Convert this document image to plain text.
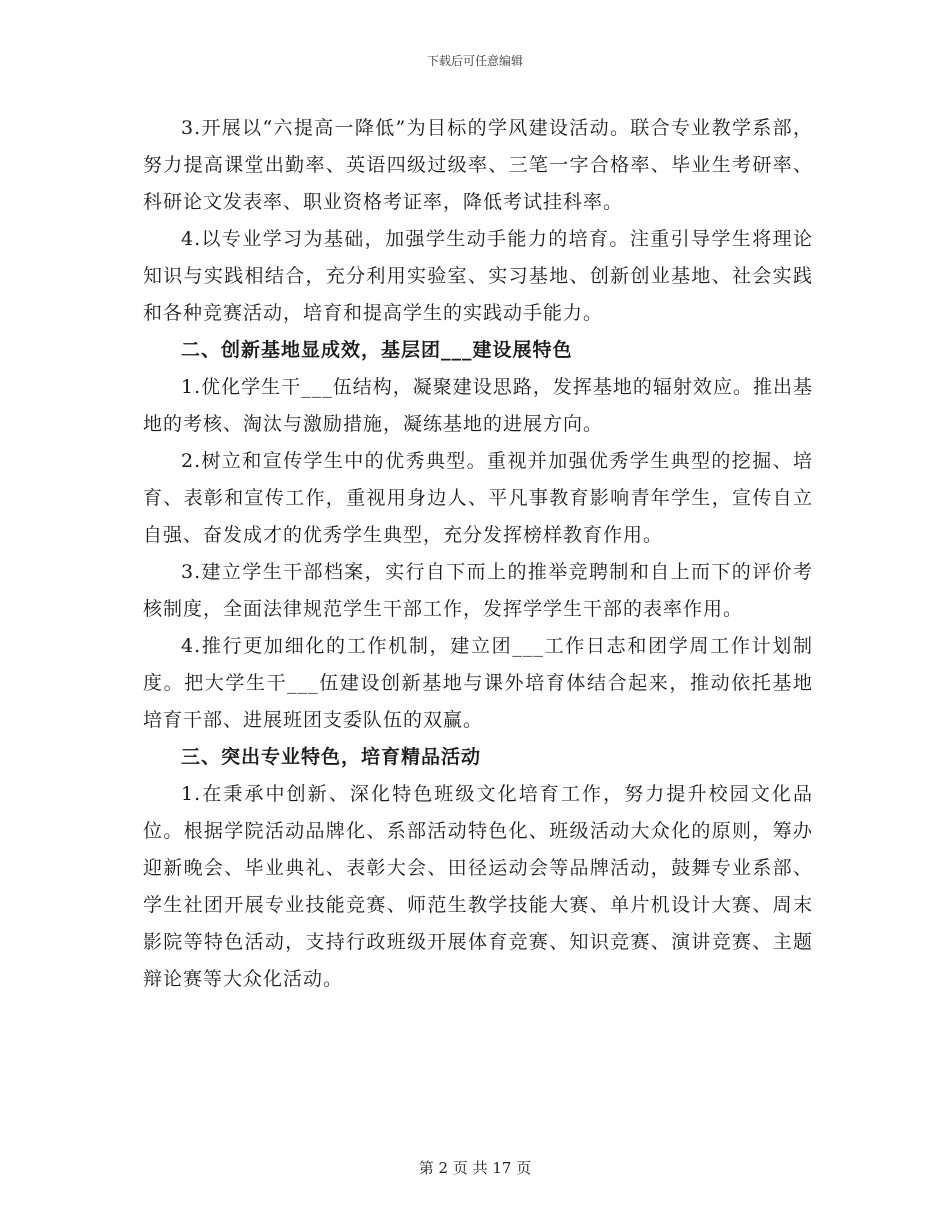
下载后可任意编辑

3.开展以“六提高一降低”为目标的学风建设活动。联合专业教学系部，努力提高课堂出勤率、英语四级过级率、三笔一字合格率、毕业生考研率、科研论文发表率、职业资格考证率，降低考试挂科率。

4.以专业学习为基础，加强学生动手能力的培育。注重引导学生将理论知识与实践相结合，充分利用实验室、实习基地、创新创业基地、社会实践和各种竞赛活动，培育和提高学生的实践动手能力。

二、创新基地显成效，基层团___建设展特色

1.优化学生干___伍结构，凝聚建设思路，发挥基地的辐射效应。推出基地的考核、淘汰与激励措施，凝练基地的进展方向。

2.树立和宣传学生中的优秀典型。重视并加强优秀学生典型的挖掘、培育、表彰和宣传工作，重视用身边人、平凡事教育影响青年学生，宣传自立自强、奋发成才的优秀学生典型，充分发挥榜样教育作用。

3.建立学生干部档案，实行自下而上的推举竞聘制和自上而下的评价考核制度，全面法律规范学生干部工作，发挥学学生干部的表率作用。

4.推行更加细化的工作机制，建立团___工作日志和团学周工作计划制度。把大学生干___伍建设创新基地与课外培育体结合起来，推动依托基地培育干部、进展班团支委队伍的双赢。

三、突出专业特色，培育精品活动

1.在秉承中创新、深化特色班级文化培育工作，努力提升校园文化品位。根据学院活动品牌化、系部活动特色化、班级活动大众化的原则，筹办迎新晚会、毕业典礼、表彰大会、田径运动会等品牌活动，鼓舞专业系部、学生社团开展专业技能竞赛、师范生教学技能大赛、单片机设计大赛、周末影院等特色活动，支持行政班级开展体育竞赛、知识竞赛、演讲竞赛、主题辩论赛等大众化活动。

第 2 页 共 17 页
